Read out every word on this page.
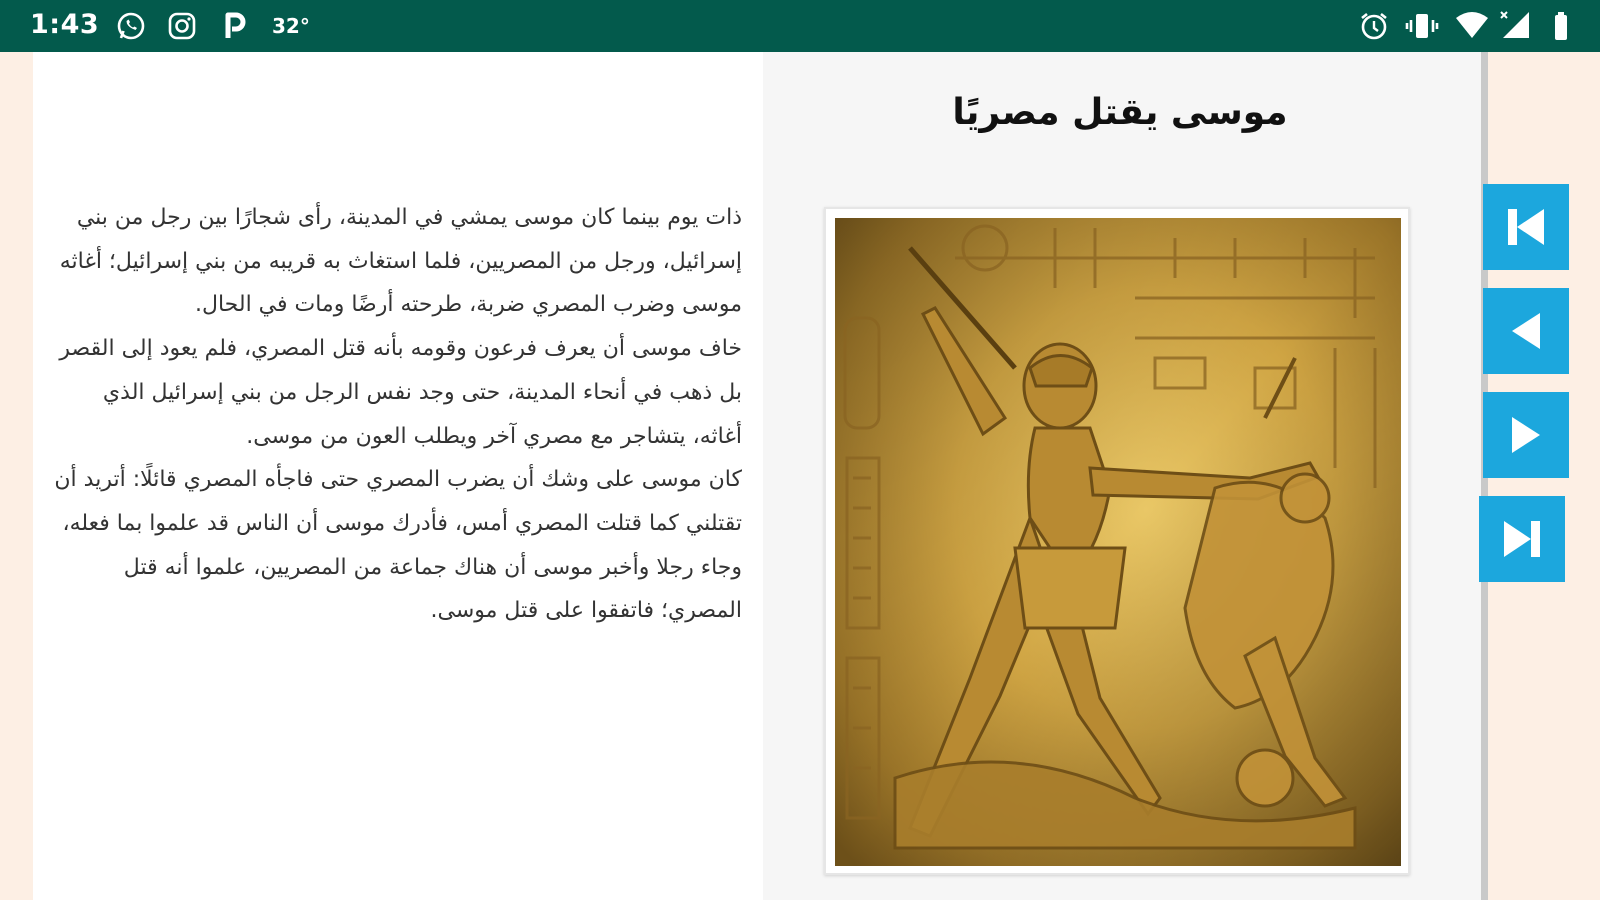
1:43	32°
موسى يقتل مصريًا

ذات يوم بينما كان موسى يمشي في المدينة، رأى شجارًا بين رجل من بني إسرائيل، ورجل من المصريين، فلما استغاث به قريبه من بني إسرائيل؛ أغاثه موسى وضرب المصري ضربة، طرحته أرضًا ومات في الحال.

خاف موسى أن يعرف فرعون وقومه بأنه قتل المصري، فلم يعود إلى القصر بل ذهب في أنحاء المدينة، حتى وجد نفس الرجل من بني إسرائيل الذي أغاثه، يتشاجر مع مصري آخر ويطلب العون من موسى.

كان موسى على وشك أن يضرب المصري حتى فاجأه المصري قائلًا: أتريد أن تقتلني كما قتلت المصري أمس، فأدرك موسى أن الناس قد علموا بما فعله، وجاء رجلا وأخبر موسى أن هناك جماعة من المصريين، علموا أنه قتل المصري؛ فاتفقوا على قتل موسى.
